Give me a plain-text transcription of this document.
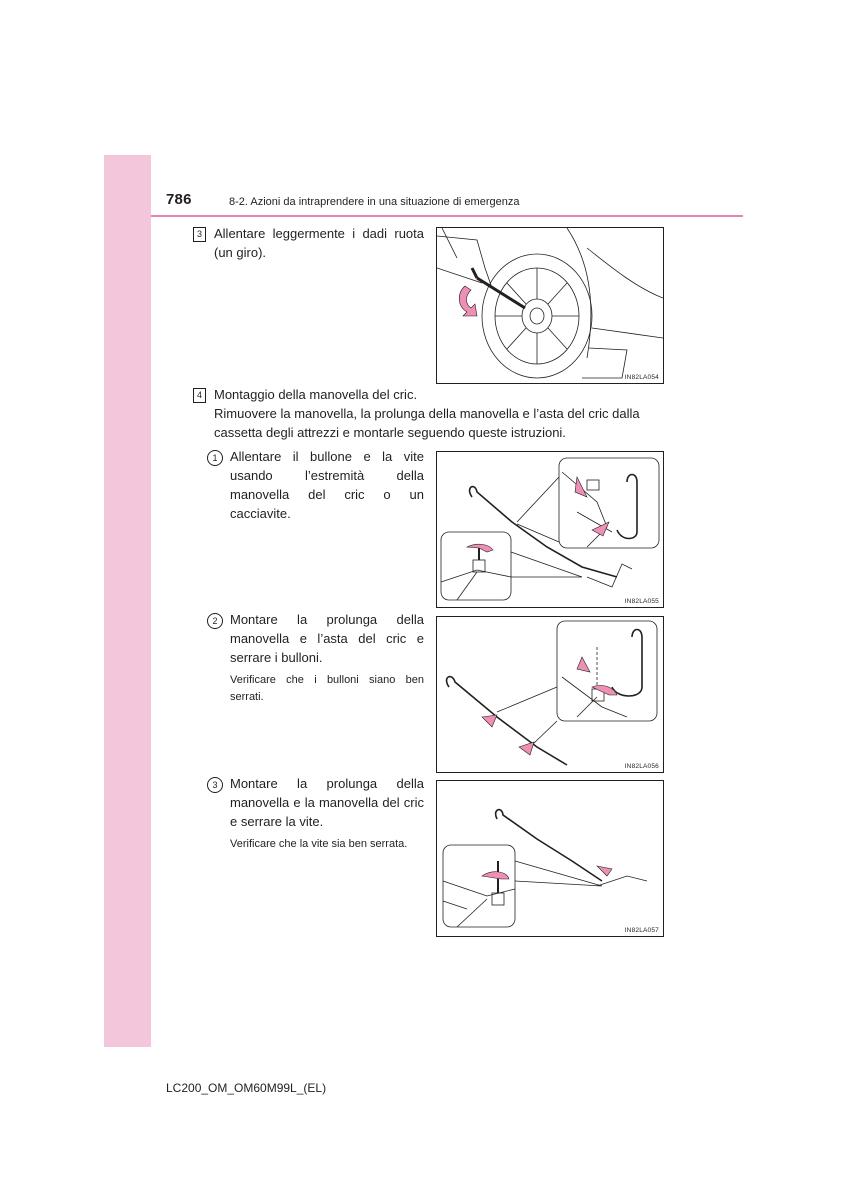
786	8-2. Azioni da intraprendere in una situazione di emergenza
3 Allentare leggermente i dadi ruota (un giro).
IN82LA054
4 Montaggio della manovella del cric.
Rimuovere la manovella, la prolunga della manovella e l’asta del cric dalla cassetta degli attrezzi e montarle seguendo queste istruzioni.
1 Allentare il bullone e la vite usando l’estremità della manovella del cric o un cacciavite.
IN82LA055
2 Montare la prolunga della manovella e l’asta del cric e serrare i bulloni.
Verificare che i bulloni siano ben serrati.
IN82LA056
3 Montare la prolunga della manovella e la manovella del cric e serrare la vite.
Verificare che la vite sia ben serrata.
IN82LA057
LC200_OM_OM60M99L_(EL)
